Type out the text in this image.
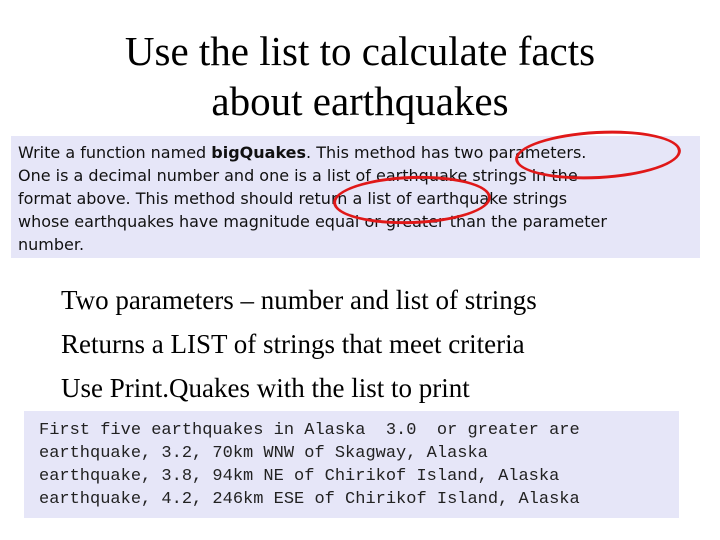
Use the list to calculate facts
about earthquakes
Write a function named bigQuakes. This method has two parameters.
One is a decimal number and one is a list of earthquake strings in the
format above. This method should return a list of earthquake strings
whose earthquakes have magnitude equal or greater than the parameter
number.
Two parameters – number and list of strings
Returns a LIST of strings that meet criteria
Use Print.Quakes with the list to print
First five earthquakes in Alaska  3.0  or greater are
earthquake, 3.2, 70km WNW of Skagway, Alaska
earthquake, 3.8, 94km NE of Chirikof Island, Alaska
earthquake, 4.2, 246km ESE of Chirikof Island, Alaska
